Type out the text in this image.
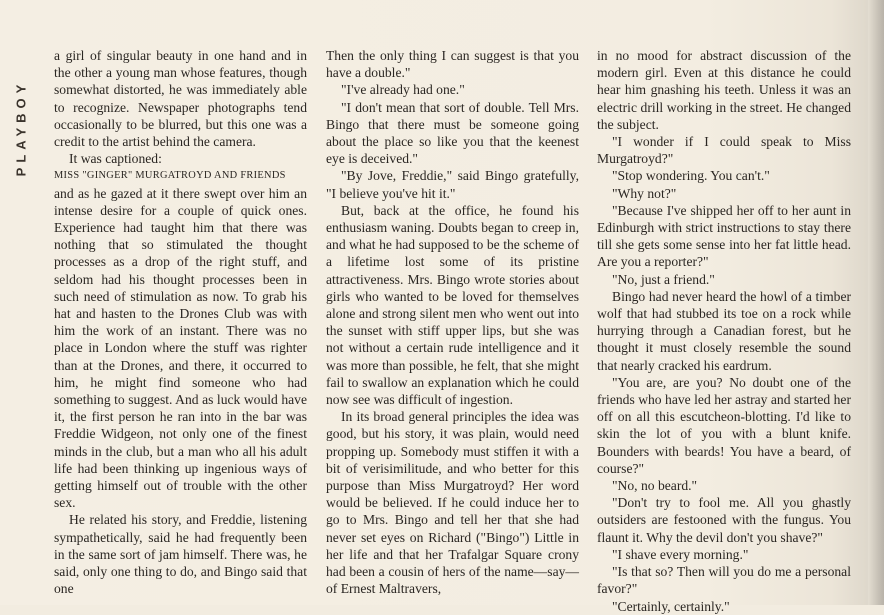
PLAYBOY

a girl of singular beauty in one hand and in the other a young man whose features, though somewhat distorted, he was immediately able to recognize. Newspaper photographs tend occasionally to be blurred, but this one was a credit to the artist behind the camera.

It was captioned:

MISS "GINGER" MURGATROYD AND FRIENDS

and as he gazed at it there swept over him an intense desire for a couple of quick ones. Experience had taught him that there was nothing that so stimulated the thought processes as a drop of the right stuff, and seldom had his thought processes been in such need of stimulation as now. To grab his hat and hasten to the Drones Club was with him the work of an instant. There was no place in London where the stuff was righter than at the Drones, and there, it occurred to him, he might find someone who had something to suggest. And as luck would have it, the first person he ran into in the bar was Freddie Widgeon, not only one of the finest minds in the club, but a man who all his adult life had been thinking up ingenious ways of getting himself out of trouble with the other sex.

He related his story, and Freddie, listening sympathetically, said he had frequently been in the same sort of jam himself. There was, he said, only one thing to do, and Bingo said that one

Then the only thing I can suggest is that you have a double."

"I've already had one."

"I don't mean that sort of double. Tell Mrs. Bingo that there must be someone going about the place so like you that the keenest eye is deceived."

"By Jove, Freddie," said Bingo gratefully, "I believe you've hit it."

But, back at the office, he found his enthusiasm waning. Doubts began to creep in, and what he had supposed to be the scheme of a lifetime lost some of its pristine attractiveness. Mrs. Bingo wrote stories about girls who wanted to be loved for themselves alone and strong silent men who went out into the sunset with stiff upper lips, but she was not without a certain rude intelligence and it was more than possible, he felt, that she might fail to swallow an explanation which he could now see was difficult of ingestion.

In its broad general principles the idea was good, but his story, it was plain, would need propping up. Somebody must stiffen it with a bit of verisimilitude, and who better for this purpose than Miss Murgatroyd? Her word would be believed. If he could induce her to go to Mrs. Bingo and tell her that she had never set eyes on Richard ("Bingo") Little in her life and that her Trafalgar Square crony had been a cousin of hers of the name—say—of Ernest Maltravers,

in no mood for abstract discussion of the modern girl. Even at this distance he could hear him gnashing his teeth. Unless it was an electric drill working in the street. He changed the subject.

"I wonder if I could speak to Miss Murgatroyd?"

"Stop wondering. You can't."

"Why not?"

"Because I've shipped her off to her aunt in Edinburgh with strict instructions to stay there till she gets some sense into her fat little head. Are you a reporter?"

"No, just a friend."

Bingo had never heard the howl of a timber wolf that had stubbed its toe on a rock while hurrying through a Canadian forest, but he thought it must closely resemble the sound that nearly cracked his eardrum.

"You are, are you? No doubt one of the friends who have led her astray and started her off on all this escutcheon-blotting. I'd like to skin the lot of you with a blunt knife. Bounders with beards! You have a beard, of course?"

"No, no beard."

"Don't try to fool me. All you ghastly outsiders are festooned with the fungus. You flaunt it. Why the devil don't you shave?"

"I shave every morning."

"Is that so? Then will you do me a personal favor?"

"Certainly, certainly."
